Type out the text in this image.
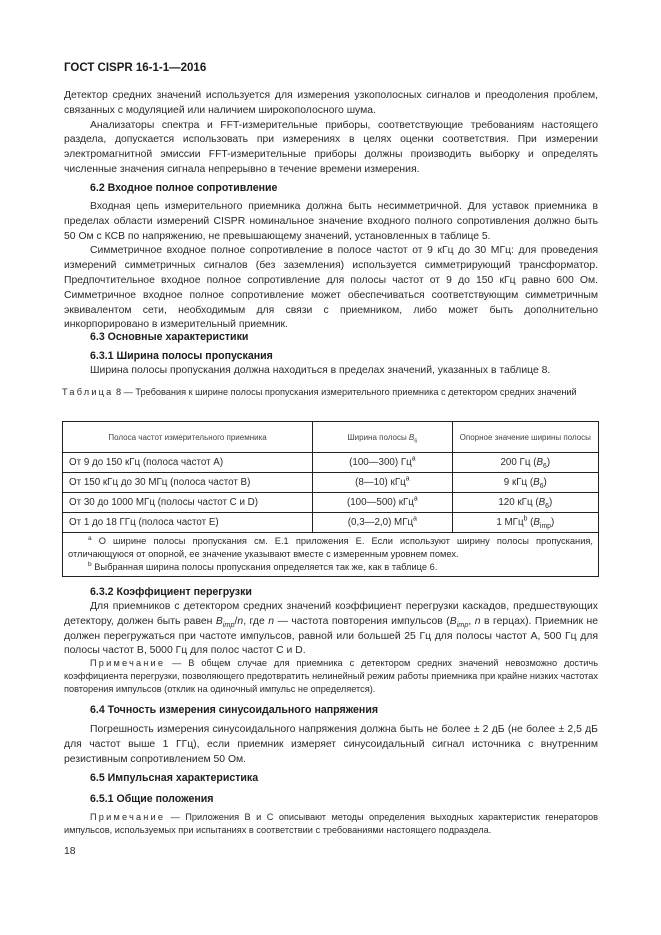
ГОСТ CISPR 16-1-1—2016
Детектор средних значений используется для измерения узкополосных сигналов и преодоления проблем, связанных с модуляцией или наличием широкополосного шума.
Анализаторы спектра и FFT-измерительные приборы, соответствующие требованиям настоящего раздела, допускается использовать при измерениях в целях оценки соответствия. При измерении электромагнитной эмиссии FFT-измерительные приборы должны производить выборку и определять численные значения сигнала непрерывно в течение времени измерения.
6.2 Входное полное сопротивление
Входная цепь измерительного приемника должна быть несимметричной. Для уставок приемника в пределах области измерений CISPR номинальное значение входного полного сопротивления должно быть 50 Ом с КСВ по напряжению, не превышающему значений, установленных в таблице 5.
Симметричное входное полное сопротивление в полосе частот от 9 кГц до 30 МГц: для проведения измерений симметричных сигналов (без заземления) используется симметрирующий трансформатор. Предпочтительное входное полное сопротивление для полосы частот от 9 до 150 кГц равно 600 Ом. Симметричное входное полное сопротивление может обеспечиваться соответствующим симметричным эквивалентом сети, необходимым для связи с приемником, либо может быть дополнительно инкорпорировано в измерительный приемник.
6.3 Основные характеристики
6.3.1 Ширина полосы пропускания
Ширина полосы пропускания должна находиться в пределах значений, указанных в таблице 8.
Таблица 8 — Требования к ширине полосы пропускания измерительного приемника с детектором средних значений
Полоса частот измерительного приемника	Ширина полосы $B_6$	Опорное значение ширины полосы
От 9 до 150 кГц (полоса частот А)	(100—300) $Гц^a$	200 Гц $(B_6)$
От 150 кГц до 30 МГц (полоса частот В)	(8—10) кГц$^a$	9 кГц $(B_6)$
От 30 до 1000 МГц (полосы частот С и D)	(100—500) кГц$^a$	120 кГц $(B_6)$
От 1 до 18 ГГц (полоса частот Е)	(0,3—2,0) МГц$^a$	1 МГц$^b$ $(B_{imp})$

$^a$ О ширине полосы пропускания см. Е.1 приложения Е. Если используют ширину полосы пропускания, отличающуюся от опорной, ее значение указывают вместе с измеренным уровнем помех.
$^b$ Выбранная ширина полосы пропускания определяется так же, как в таблице 6.		
6.3.2 Коэффициент перегрузки
Для приемников с детектором средних значений коэффициент перегрузки каскадов, предшествующих детектору, должен быть равен $B_{imp}/n$, где n — частота повторения импульсов ($B_{imp}$, n в герцах). Приемник не должен перегружаться при частоте импульсов, равной или большей 25 Гц для полосы частот А, 500 Гц для полосы частот В, 5000 Гц для полос частот С и D.
Примечание — В общем случае для приемника с детектором средних значений невозможно достичь коэффициента перегрузки, позволяющего предотвратить нелинейный режим работы приемника при крайне низких частотах повторения импульсов (отклик на одиночный импульс не определяется).
6.4 Точность измерения синусоидального напряжения
Погрешность измерения синусоидального напряжения должна быть не более ± 2 дБ (не более ± 2,5 дБ для частот выше 1 ГГц), если приемник измеряет синусоидальный сигнал источника с внутренним резистивным сопротивлением 50 Ом.
6.5 Импульсная характеристика
6.5.1 Общие положения
Примечание — Приложения В и С описывают методы определения выходных характеристик генераторов импульсов, используемых при испытаниях в соответствии с требованиями настоящего подраздела.
18
